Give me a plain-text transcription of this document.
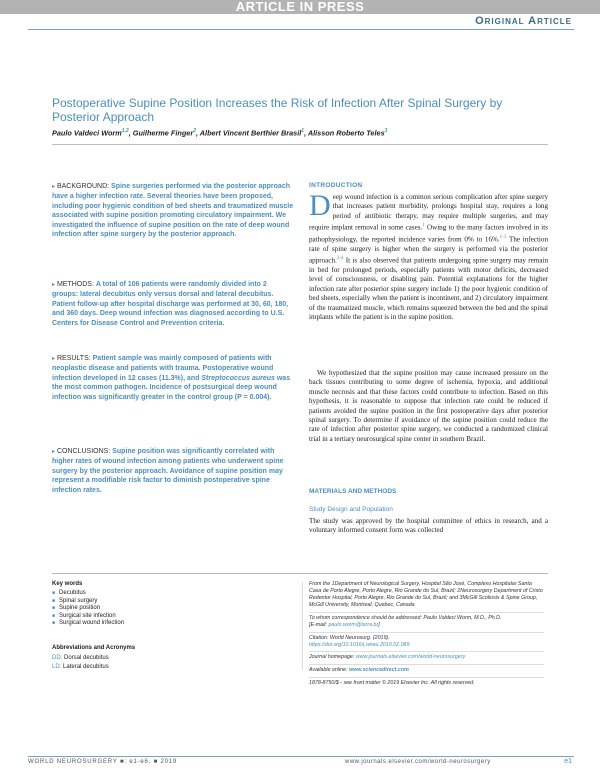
ARTICLE IN PRESS
Original Article
Postoperative Supine Position Increases the Risk of Infection After Spinal Surgery by Posterior Approach
Paulo Valdeci Worm$^{1,2}$, Guilherme Finger$^2$, Albert Vincent Berthier Brasil$^1$, Alisson Roberto Teles$^3$
▸ BACKGROUND: Spine surgeries performed via the posterior approach have a higher infection rate. Several theories have been proposed, including poor hygienic condition of bed sheets and traumatized muscle associated with supine position promoting circulatory impairment. We investigated the influence of supine position on the rate of deep wound infection after spine surgery by the posterior approach.
▸ METHODS: A total of 106 patients were randomly divided into 2 groups: lateral decubitus only versus dorsal and lateral decubitus. Patient follow-up after hospital discharge was performed at 30, 60, 180, and 360 days. Deep wound infection was diagnosed according to U.S. Centers for Disease Control and Prevention criteria.
▸ RESULTS: Patient sample was mainly composed of patients with neoplastic disease and patients with trauma. Postoperative wound infection developed in 12 cases (11.3%), and Streptococcus aureus was the most common pathogen. Incidence of postsurgical deep wound infection was significantly greater in the control group (P = 0.004).
▸ CONCLUSIONS: Supine position was significantly correlated with higher rates of wound infection among patients who underwent spine surgery by the posterior approach. Avoidance of supine position may represent a modifiable risk factor to diminish postoperative spine infection rates.
INTRODUCTION
Deep wound infection is a common serious complication after spine surgery that increases patient morbidity, prolongs hospital stay, requires a long period of antibiotic therapy, may require multiple surgeries, and may require implant removal in some cases.$^1$ Owing to the many factors involved in its pathophysiology, the reported incidence varies from 0% to 16%.$^{1-3}$ The infection rate of spine surgery is higher when the surgery is performed via the posterior approach.$^{2-4}$ It is also observed that patients undergoing spine surgery may remain in bed for prolonged periods, especially patients with motor deficits, decreased level of consciousness, or disabling pain. Potential explanations for the higher infection rate after posterior spine surgery include 1) the poor hygienic condition of bed sheets, especially when the patient is incontinent, and 2) circulatory impairment of the traumatized muscle, which remains squeezed between the bed and the spinal implants while the patient is in the supine position.
We hypothesized that the supine position may cause increased pressure on the back tissues contributing to some degree of ischemia, hypoxia, and additional muscle necrosis and that these factors could contribute to infection. Based on this hypothesis, it is reasonable to suppose that infection rate could be reduced if patients avoided the supine position in the first postoperative days after posterior spinal surgery. To determine if avoidance of the supine position could reduce the rate of infection after posterior spine surgery, we conducted a randomized clinical trial in a tertiary neurosurgical spine center in southern Brazil.
MATERIALS AND METHODS
Study Design and Population
The study was approved by the hospital committee of ethics in research, and a voluntary informed consent form was collected
Key words
■ Decubitus
■ Spinal surgery
■ Supine position
■ Surgical site infection
■ Surgical wound infection
Abbreviations and Acronyms
DD: Dorsal decubitus
LD: Lateral decubitus
From the 1Department of Neurological Surgery, Hospital São José, Complexo Hospitalar Santa Casa de Porto Alegre, Porto Alegre, Rio Grande do Sul, Brazil; 2Neurosurgery Department of Cristo Redentor Hospital, Porto Alegre, Rio Grande do Sul, Brazil; and 3McGill Scoliosis & Spine Group, McGill University, Montreal, Quebec, Canada
To whom correspondence should be addressed: Paulo Valdeci Worm, M.D., Ph.D.
[E-mail: paulo.worm@terra.br]
Citation: World Neurosurg. (2019).
https://doi.org/10.1016/j.wneu.2019.02.089
Journal homepage: www.journals.elsevier.com/world-neurosurgery
Available online: www.sciencedirect.com
1878-8750/$ - see front matter © 2019 Elsevier Inc. All rights reserved.
WORLD NEUROSURGERY ■: e1-e6, ■ 2019	www.journals.elsevier.com/world-neurosurgery	e1
